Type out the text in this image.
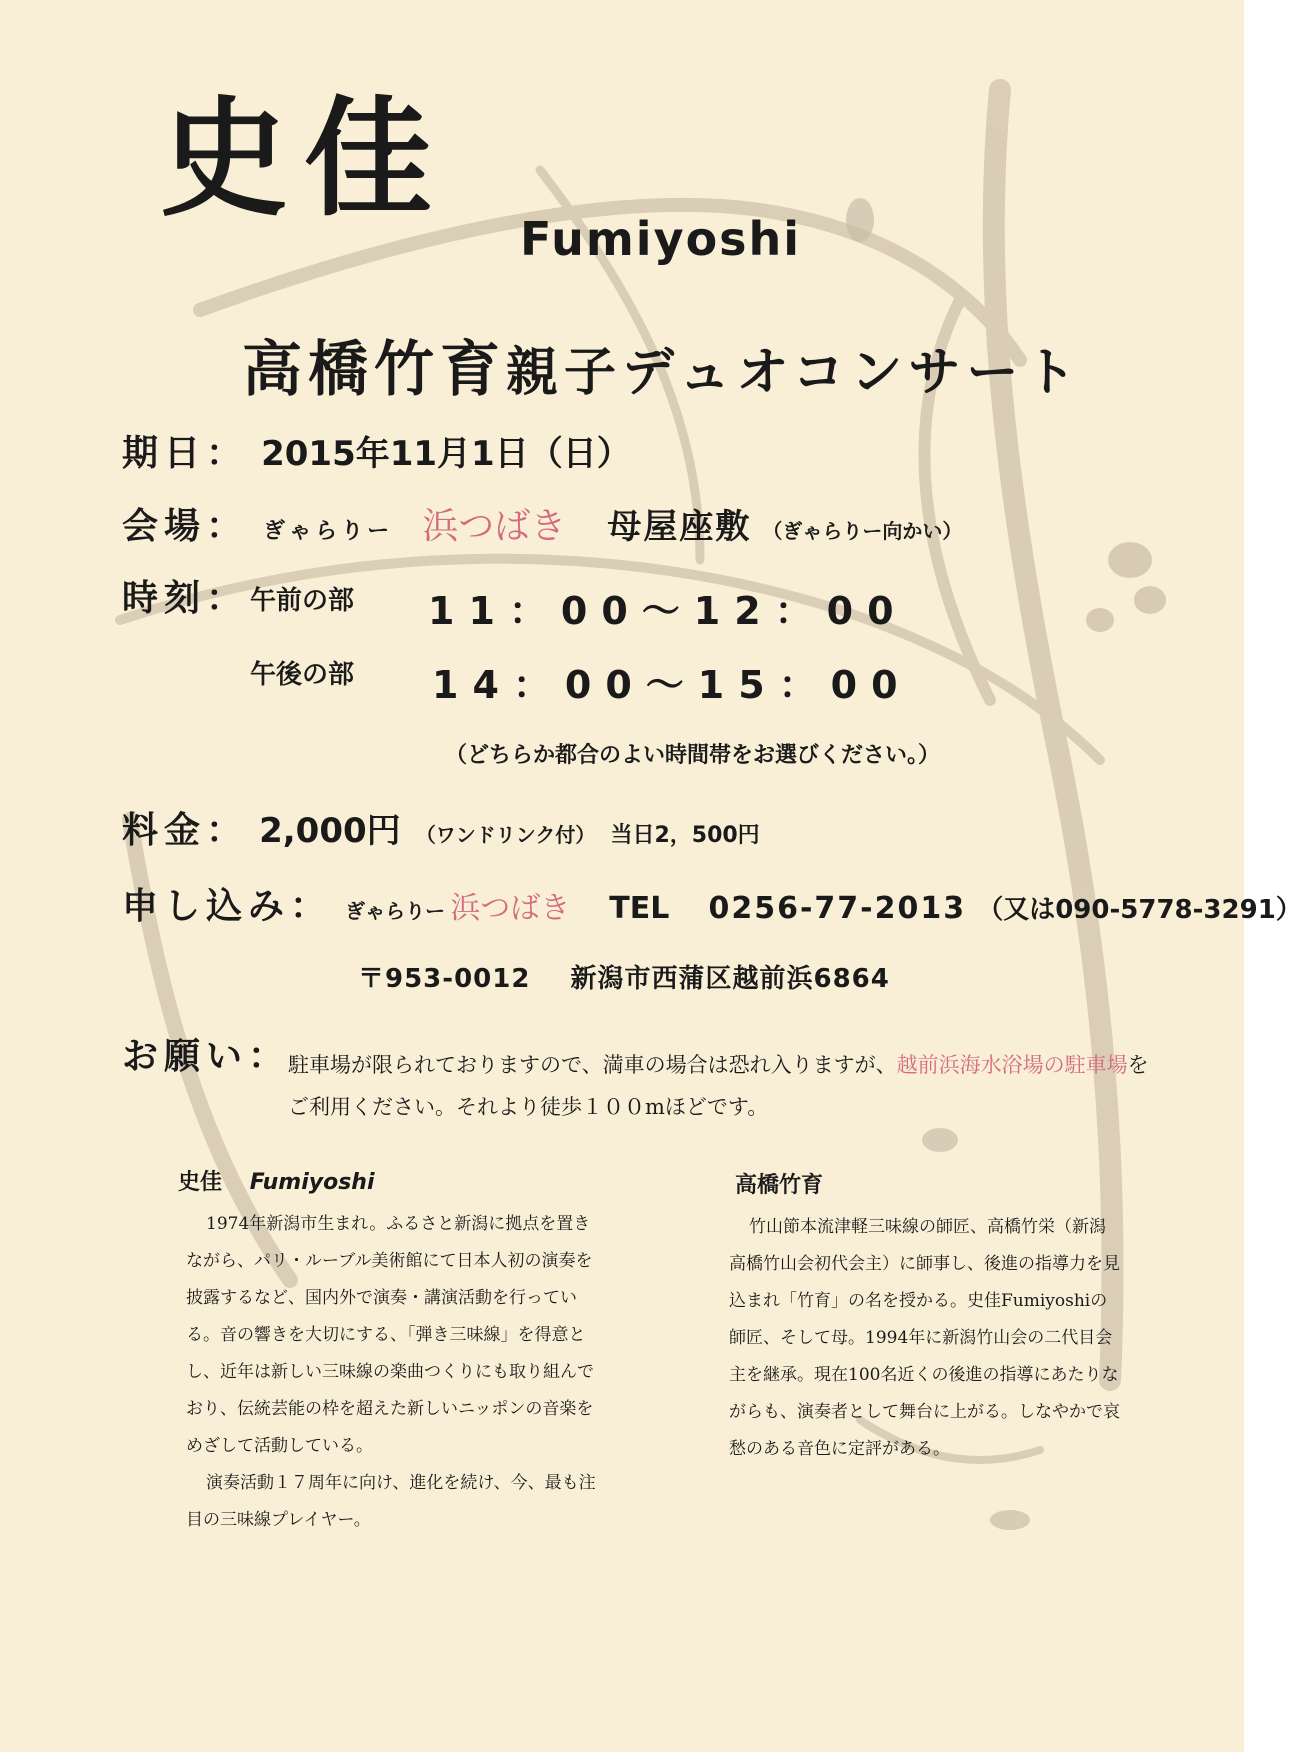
史佳
Fumiyoshi
高橋竹育親子デュオコンサート
期日： 2015年11月1日（日）
会場： ぎゃらりー 浜つばき 母屋座敷 （ぎゃらりー向かい）
時刻： 午前の部 11：00～12：00
午後の部 14：00～15：00
（どちらか都合のよい時間帯をお選びください。）
料金： 2,000円 （ワンドリンク付） 当日2，500円
申し込み： ぎゃらりー 浜つばき TEL 0256-77-2013 （又は090-5778-3291）
〒953-0012 新潟市西蒲区越前浜6864
お願い：
駐車場が限られておりますので、満車の場合は恐れ入りますが、越前浜海水浴場の駐車場を
ご利用ください。それより徒歩１００mほどです。
史佳 Fumiyoshi

1974年新潟市生まれ。ふるさと新潟に拠点を置きながら、パリ・ルーブル美術館にて日本人初の演奏を披露するなど、国内外で演奏・講演活動を行っている。音の響きを大切にする、「弾き三味線」を得意とし、近年は新しい三味線の楽曲つくりにも取り組んでおり、伝統芸能の枠を超えた新しいニッポンの音楽をめざして活動している。

演奏活動１７周年に向け、進化を続け、今、最も注目の三味線プレイヤー。

高橋竹育

竹山節本流津軽三味線の師匠、高橋竹栄（新潟高橋竹山会初代会主）に師事し、後進の指導力を見込まれ「竹育」の名を授かる。史佳Fumiyoshiの師匠、そして母。1994年に新潟竹山会の二代目会主を継承。現在100名近くの後進の指導にあたりながらも、演奏者として舞台に上がる。しなやかで哀愁のある音色に定評がある。
